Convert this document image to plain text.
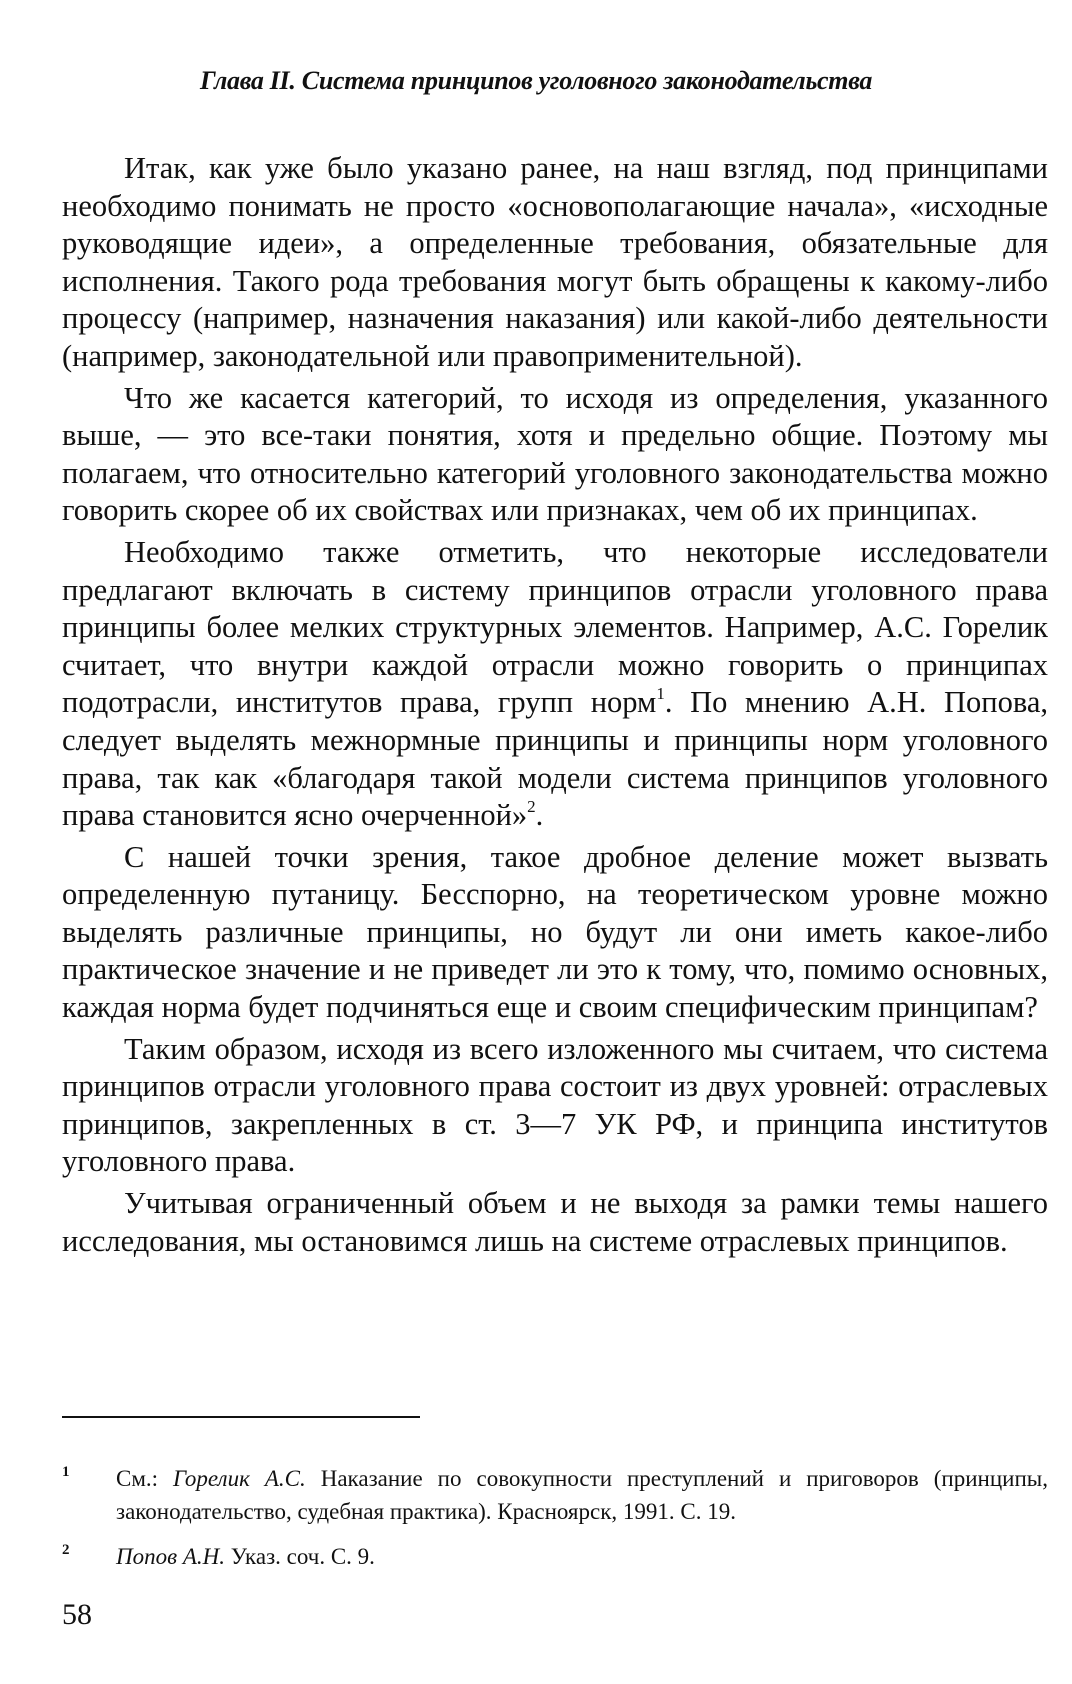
Глава II. Система принципов уголовного законодательства

Итак, как уже было указано ранее, на наш взгляд, под принципами необходимо понимать не просто «основополагающие начала», «исходные руководящие идеи», а определенные требования, обязательные для исполнения. Такого рода требования могут быть обращены к какому-либо процессу (например, назначения наказания) или какой-либо деятельности (например, законодательной или правоприменительной).

Что же касается категорий, то исходя из определения, указанного выше, — это все-таки понятия, хотя и предельно общие. Поэтому мы полагаем, что относительно категорий уголовного законодательства можно говорить скорее об их свойствах или признаках, чем об их принципах.

Необходимо также отметить, что некоторые исследователи предлагают включать в систему принципов отрасли уголовного права принципы более мелких структурных элементов. Например, А.С. Горелик считает, что внутри каждой отрасли можно говорить о принципах подотрасли, институтов права, групп норм$^1$. По мнению А.Н. Попова, следует выделять межнормные принципы и принципы норм уголовного права, так как «благодаря такой модели система принципов уголовного права становится ясно очерченной»$^2$.

С нашей точки зрения, такое дробное деление может вызвать определенную путаницу. Бесспорно, на теоретическом уровне можно выделять различные принципы, но будут ли они иметь какое-либо практическое значение и не приведет ли это к тому, что, помимо основных, каждая норма будет подчиняться еще и своим специфическим принципам?

Таким образом, исходя из всего изложенного мы считаем, что система принципов отрасли уголовного права состоит из двух уровней: отраслевых принципов, закрепленных в ст. 3—7 УК РФ, и принципа институтов уголовного права.

Учитывая ограниченный объем и не выходя за рамки темы нашего исследования, мы остановимся лишь на системе отраслевых принципов.

1 См.: Горелик А.С. Наказание по совокупности преступлений и приговоров (принципы, законодательство, судебная практика). Красноярск, 1991. С. 19.
2 Попов А.Н. Указ. соч. С. 9.
58
